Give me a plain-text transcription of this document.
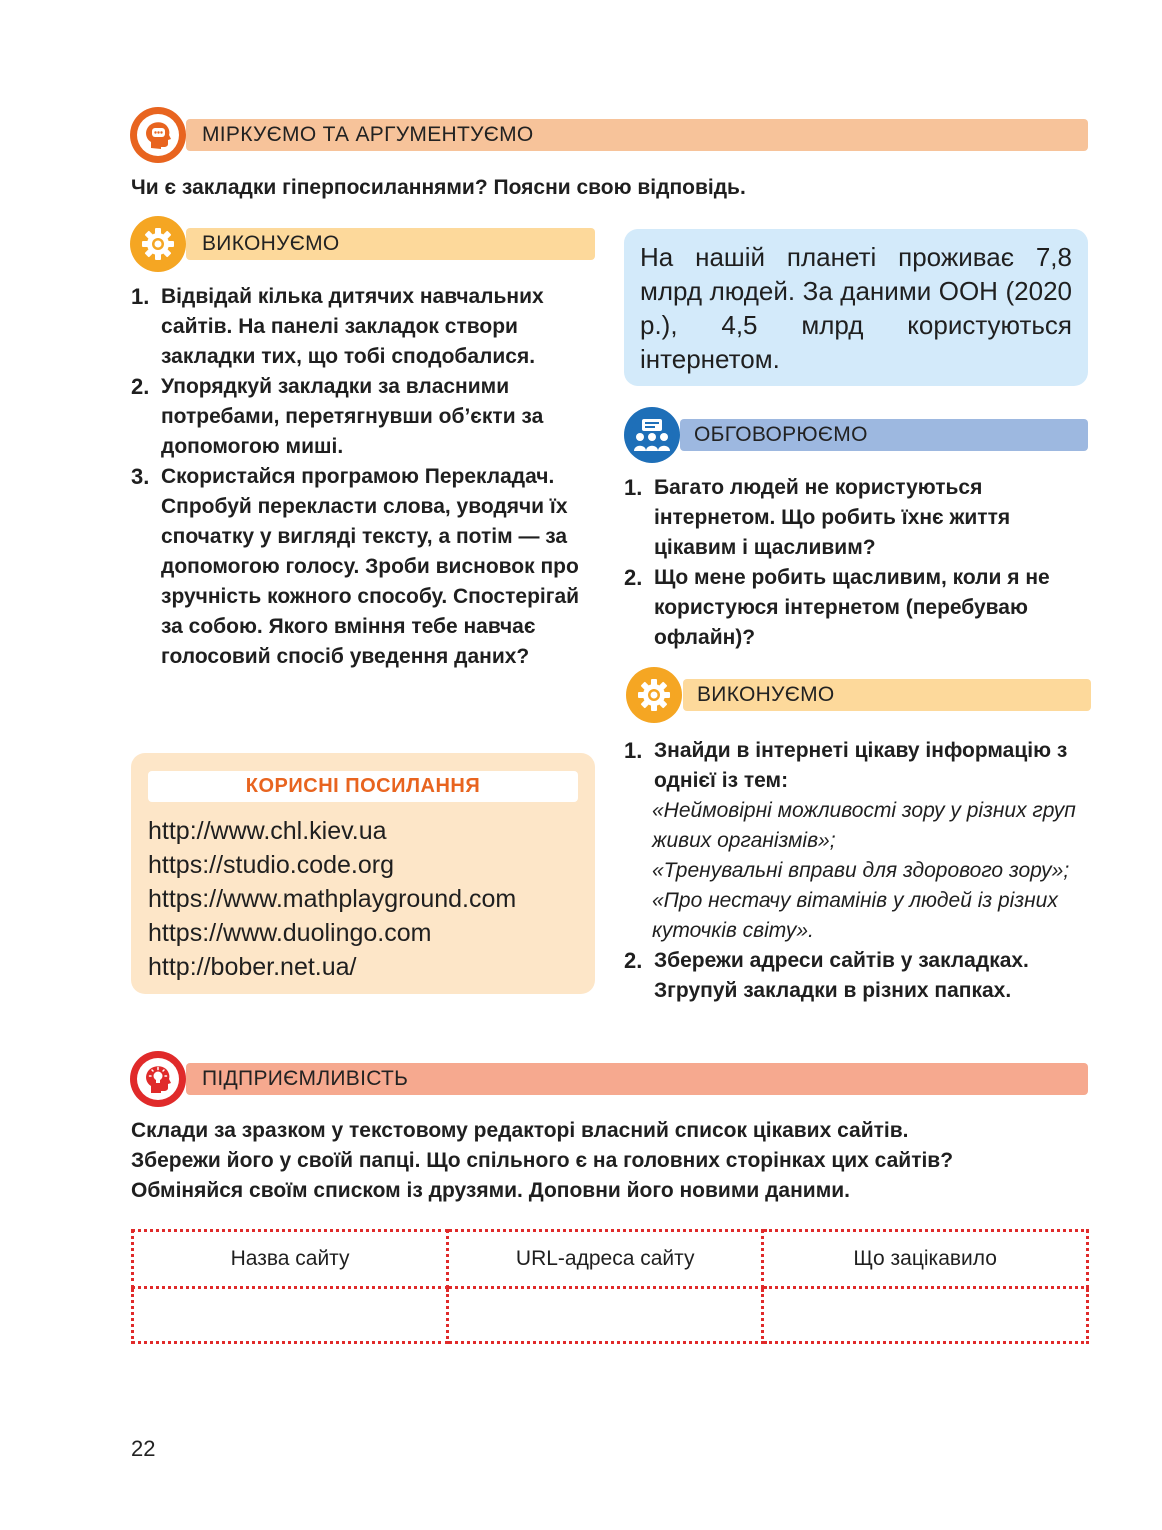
МІРКУЄМО ТА АРГУМЕНТУЄМО
Чи є закладки гіперпосиланнями? Поясни свою відповідь.
ВИКОНУЄМО
1. Відвідай кілька дитячих навчальних сайтів. На панелі закладок створи закладки тих, що тобі сподобалися.
2. Упорядкуй закладки за власними потребами, перетягнувши об’єкти за допомогою миші.
3. Скористайся програмою Перекладач. Спробуй перекласти слова, уводячи їх спочатку у вигляді тексту, а потім — за допомогою голосу. Зроби висновок про зручність кожного способу. Спостерігай за собою. Якого вміння тебе навчає голосовий спосіб уведення даних?
На нашій планеті проживає 7,8 млрд людей. За даними ООН (2020 р.), 4,5 млрд користуються інтернетом.
ОБГОВОРЮЄМО
1. Багато людей не користуються інтернетом. Що робить їхнє життя цікавим і щасливим?
2. Що мене робить щасливим, коли я не користуюся інтернетом (перебуваю офлайн)?
ВИКОНУЄМО
1. Знайди в інтернеті цікаву інформацію з однієї із тем:
«Неймовірні можливості зору у різних груп живих організмів»;
«Тренувальні вправи для здорового зору»;
«Про нестачу вітамінів у людей із різних куточків світу».
2. Збережи адреси сайтів у закладках. Згрупуй закладки в різних папках.
КОРИСНІ ПОСИЛАННЯ
http://www.chl.kiev.ua
https://studio.code.org
https://www.mathplayground.com
https://www.duolingo.com
http://bober.net.ua/
ПІДПРИЄМЛИВІСТЬ
Склади за зразком у текстовому редакторі власний список цікавих сайтів.
Збережи його у своїй папці. Що спільного є на головних сторінках цих сайтів?
Обміняйся своїм списком із друзями. Доповни його новими даними.
Назва сайту	URL-адреса сайту	Що зацікавило

22
